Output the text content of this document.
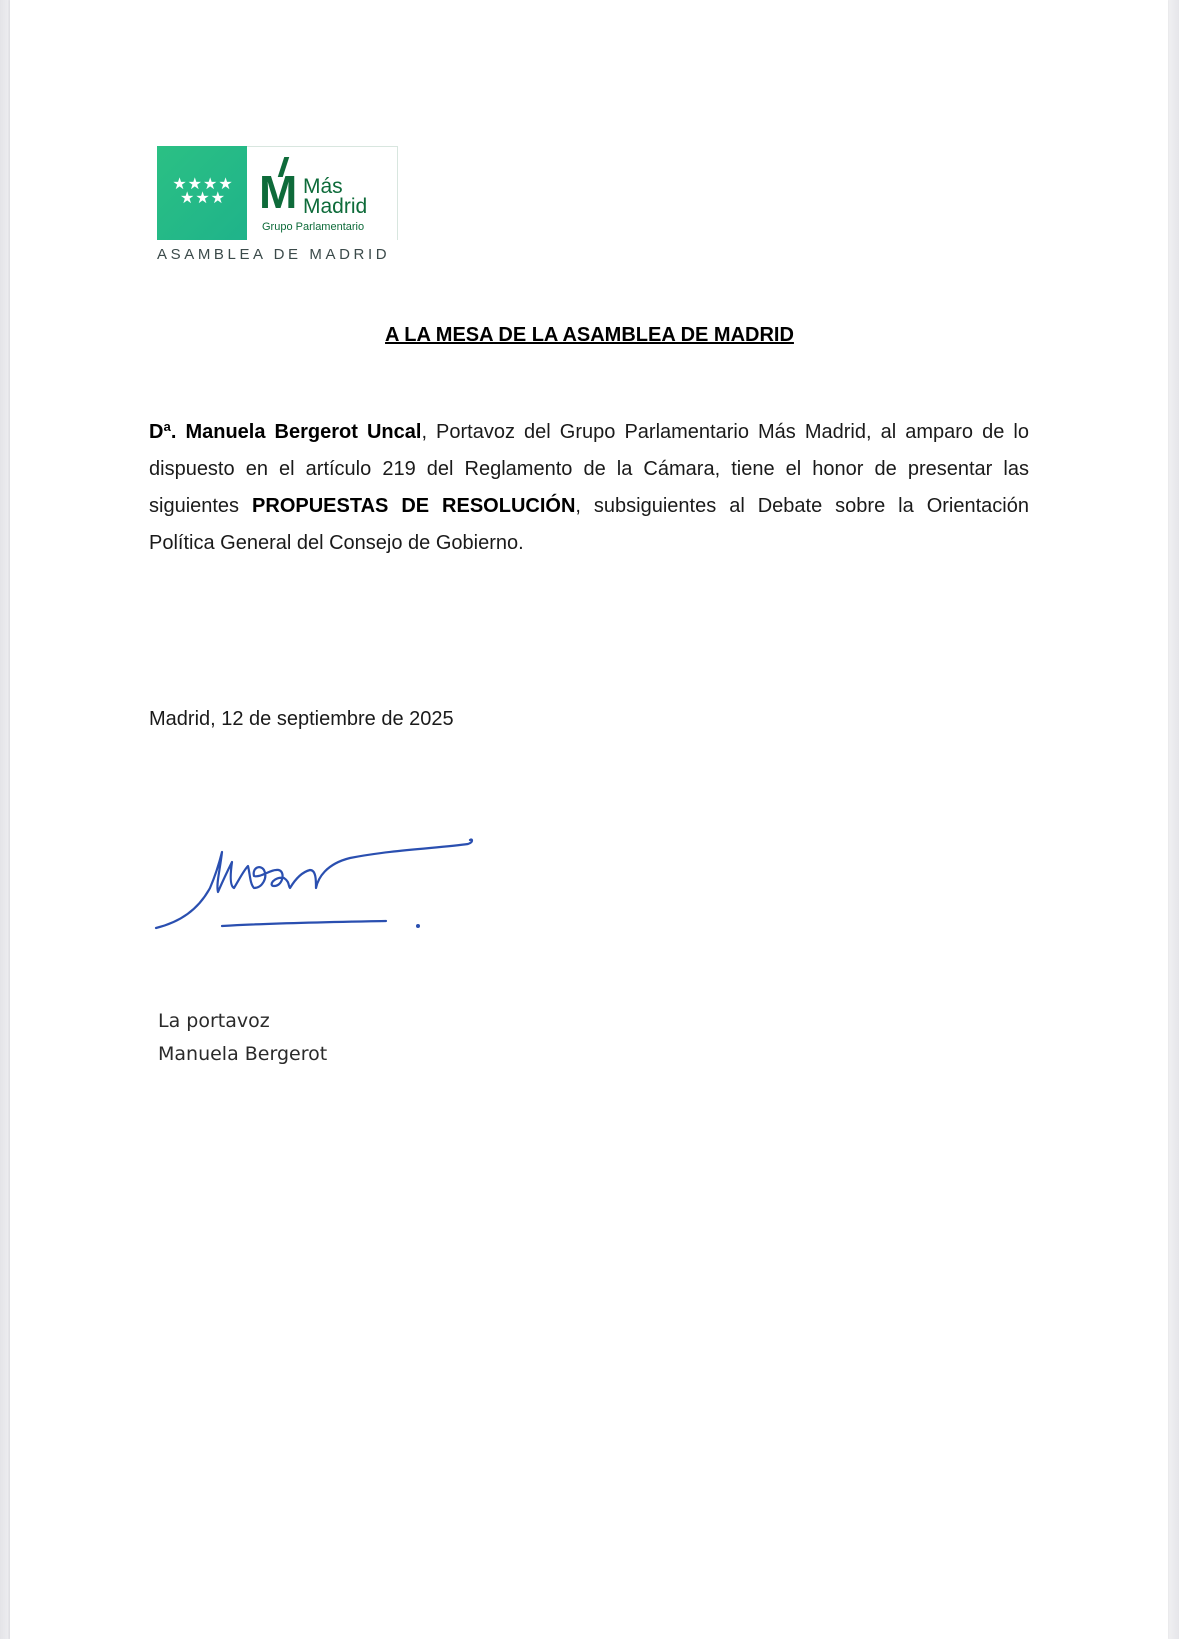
★★★★ ★★★ M Más
Madrid
Grupo Parlamentario
ASAMBLEA DE MADRID
A LA MESA DE LA ASAMBLEA DE MADRID
Dª. Manuela Bergerot Uncal, Portavoz del Grupo Parlamentario Más Madrid, al amparo de lo dispuesto en el artículo 219 del Reglamento de la Cámara, tiene el honor de presentar las siguientes PROPUESTAS DE RESOLUCIÓN, subsiguientes al Debate sobre la Orientación Política General del Consejo de Gobierno.
Madrid, 12 de septiembre de 2025
La portavoz
Manuela Bergerot
